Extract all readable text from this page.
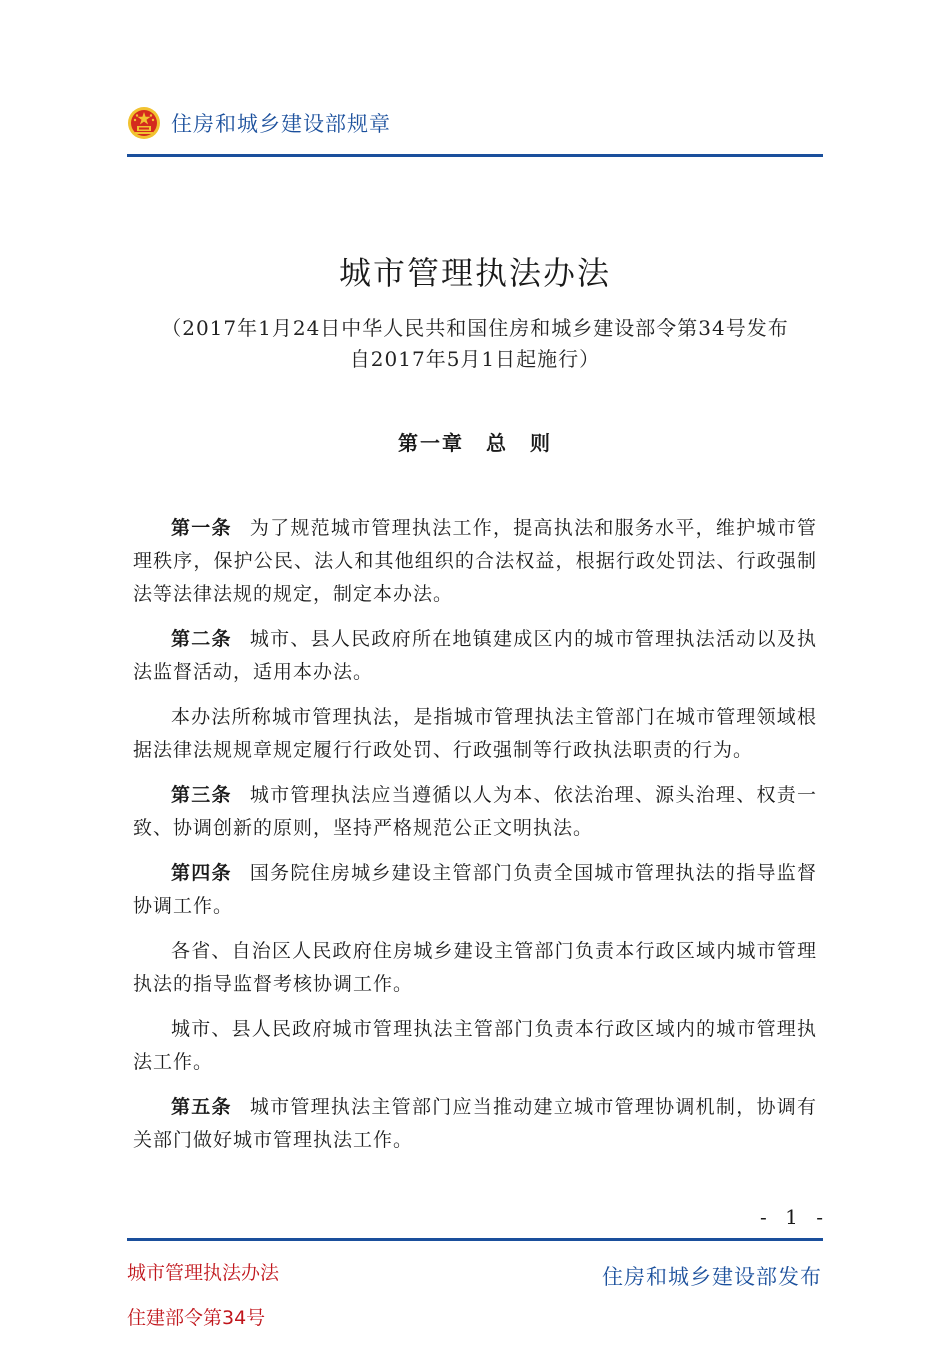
住房和城乡建设部规章
城市管理执法办法
（2017年1月24日中华人民共和国住房和城乡建设部令第34号发布
自2017年5月1日起施行）
第一章　总　则

第一条 为了规范城市管理执法工作，提高执法和服务水平，维护城市管理秩序，保护公民、法人和其他组织的合法权益，根据行政处罚法、行政强制法等法律法规的规定，制定本办法。

第二条 城市、县人民政府所在地镇建成区内的城市管理执法活动以及执法监督活动，适用本办法。

本办法所称城市管理执法，是指城市管理执法主管部门在城市管理领域根据法律法规规章规定履行行政处罚、行政强制等行政执法职责的行为。

第三条 城市管理执法应当遵循以人为本、依法治理、源头治理、权责一致、协调创新的原则，坚持严格规范公正文明执法。

第四条 国务院住房城乡建设主管部门负责全国城市管理执法的指导监督协调工作。

各省、自治区人民政府住房城乡建设主管部门负责本行政区域内城市管理执法的指导监督考核协调工作。

城市、县人民政府城市管理执法主管部门负责本行政区域内的城市管理执法工作。

第五条 城市管理执法主管部门应当推动建立城市管理协调机制，协调有关部门做好城市管理执法工作。

- 1 -
城市管理执法办法
住建部令第34号
住房和城乡建设部发布
